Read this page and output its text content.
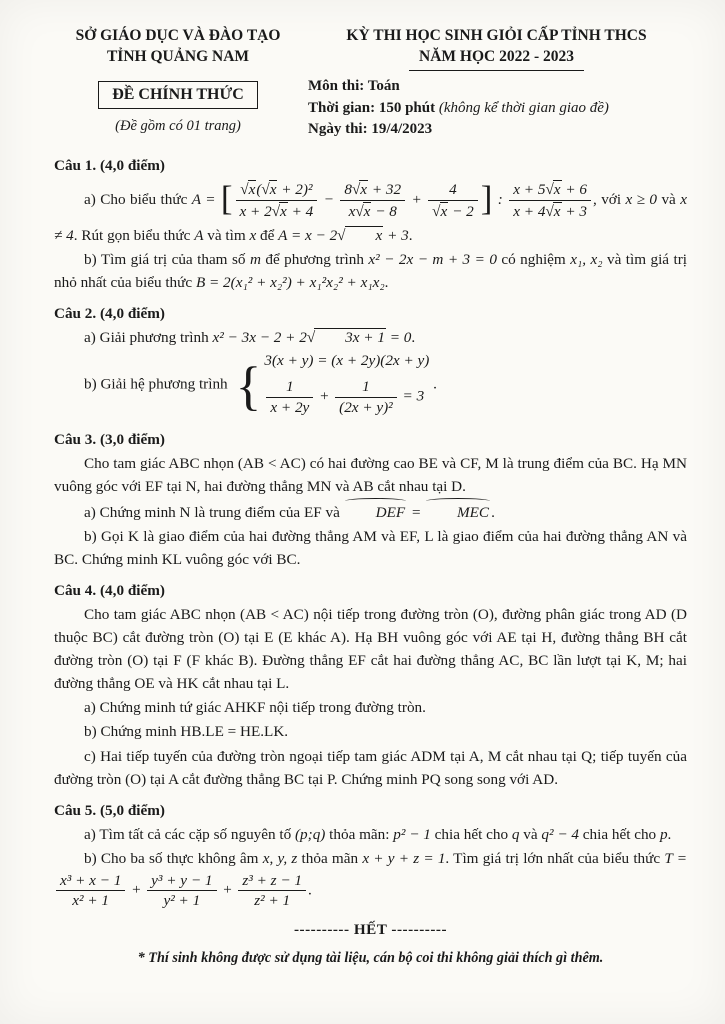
SỞ GIÁO DỤC VÀ ĐÀO TẠO
TỈNH QUẢNG NAM
ĐỀ CHÍNH THỨC
(Đề gồm có 01 trang)
KỲ THI HỌC SINH GIỎI CẤP TỈNH THCS
NĂM HỌC 2022 - 2023
Môn thi: Toán
Thời gian: 150 phút (không kể thời gian giao đề)
Ngày thi: 19/4/2023
Câu 1. (4,0 điểm)
a) Cho biểu thức A = [ $\frac{\text{√x(√x + 2)²}}{x + 2√x + 4} - \frac{8√x + 32}{x√x - 8} + \frac{4}{√x - 2}$ ] : $\frac{x + 5√x + 6}{x + 4√x + 3}$ , với x ≥ 0 và x ≠ 4. Rút gọn biểu thức A và tìm x để A = x − 2√ x + 3.
b) Tìm giá trị của tham số m để phương trình x² − 2x − m + 3 = 0 có nghiệm x₁, x₂ và tìm giá trị nhỏ nhất của biểu thức B = 2(x₁² + x₂²) + x₁²x₂² + x₁x₂.
Câu 2. (4,0 điểm)
a) Giải phương trình x² − 3x − 2 + 2√ 3x + 1 = 0.
b) Giải hệ phương trình { 3(x + y) = (x + 2y)(2x + y)
$\frac{1}{x + 2y} + \frac{1}{\text{(2x + y)²}} = 3$
.
Câu 3. (3,0 điểm)
Cho tam giác ABC nhọn (AB < AC) có hai đường cao BE và CF, M là trung điểm của BC. Hạ MN vuông góc với EF tại N, hai đường thẳng MN và AB cắt nhau tại D.
a) Chứng minh N là trung điểm của EF và DEF = MEC .
b) Gọi K là giao điểm của hai đường thẳng AM và EF, L là giao điểm của hai đường thẳng AN và BC. Chứng minh KL vuông góc với BC.
Câu 4. (4,0 điểm)
Cho tam giác ABC nhọn (AB < AC) nội tiếp trong đường tròn (O), đường phân giác trong AD (D thuộc BC) cắt đường tròn (O) tại E (E khác A). Hạ BH vuông góc với AE tại H, đường thẳng BH cắt đường tròn (O) tại F (F khác B). Đường thẳng EF cắt hai đường thẳng AC, BC lần lượt tại K, M; hai đường thẳng OE và HK cắt nhau tại L.
a) Chứng minh tứ giác AHKF nội tiếp trong đường tròn.
b) Chứng minh HB.LE = HE.LK.
c) Hai tiếp tuyến của đường tròn ngoại tiếp tam giác ADM tại A, M cắt nhau tại Q; tiếp tuyến của đường tròn (O) tại A cắt đường thẳng BC tại P. Chứng minh PQ song song với AD.
Câu 5. (5,0 điểm)
a) Tìm tất cả các cặp số nguyên tố (p;q) thỏa mãn: p² − 1 chia hết cho q và q² − 4 chia hết cho p.
b) Cho ba số thực không âm x, y, z thỏa mãn x + y + z = 1. Tìm giá trị lớn nhất của biểu thức T =
$\frac{\text{x³ + x − 1}}{\text{x² + 1}} + \frac{\text{y³ + y − 1}}{\text{y² + 1}} + \frac{\text{z³ + z − 1}}{\text{z² + 1}}$ .
---------- HẾT ----------
* Thí sinh không được sử dụng tài liệu, cán bộ coi thi không giải thích gì thêm.
